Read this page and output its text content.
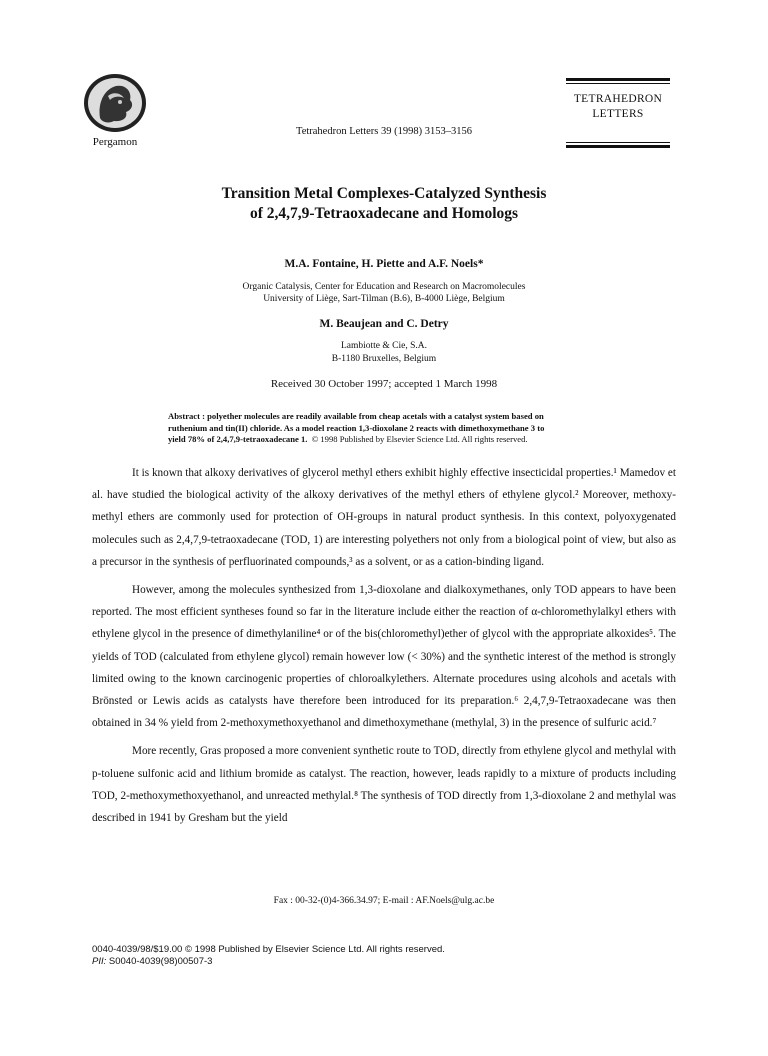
Pergamon
Tetrahedron Letters 39 (1998) 3153–3156
TETRAHEDRON
LETTERS
Transition Metal Complexes-Catalyzed Synthesis
of 2,4,7,9-Tetraoxadecane and Homologs
M.A. Fontaine, H. Piette and A.F. Noels*
Organic Catalysis, Center for Education and Research on Macromolecules
University of Liège, Sart-Tilman (B.6), B-4000 Liège, Belgium
M. Beaujean and C. Detry
Lambiotte & Cie, S.A.
B-1180 Bruxelles, Belgium
Received 30 October 1997; accepted 1 March 1998
Abstract : polyether molecules are readily available from cheap acetals with a catalyst system based on
ruthenium and tin(II) chloride. As a model reaction 1,3-dioxolane 2 reacts with dimethoxymethane 3 to
yield 78% of 2,4,7,9-tetraoxadecane 1. © 1998 Published by Elsevier Science Ltd. All rights reserved.

It is known that alkoxy derivatives of glycerol methyl ethers exhibit highly effective insecticidal properties.¹ Mamedov et al. have studied the biological activity of the alkoxy derivatives of the methyl ethers of ethylene glycol.² Moreover, methoxy-methyl ethers are commonly used for protection of OH-groups in natural product synthesis. In this context, polyoxygenated molecules such as 2,4,7,9-tetraoxadecane (TOD, 1) are interesting polyethers not only from a biological point of view, but also as a precursor in the synthesis of perfluorinated compounds,³ as a solvent, or as a cation-binding ligand.

However, among the molecules synthesized from 1,3-dioxolane and dialkoxymethanes, only TOD appears to have been reported. The most efficient syntheses found so far in the literature include either the reaction of α-chloromethylalkyl ethers with ethylene glycol in the presence of dimethylaniline⁴ or of the bis(chloromethyl)ether of glycol with the appropriate alkoxides⁵. The yields of TOD (calculated from ethylene glycol) remain however low (< 30%) and the synthetic interest of the method is strongly limited owing to the known carcinogenic properties of chloroalkylethers. Alternate procedures using alcohols and acetals with Brönsted or Lewis acids as catalysts have therefore been introduced for its preparation.⁶ 2,4,7,9-Tetraoxadecane was then obtained in 34 % yield from 2-methoxymethoxyethanol and dimethoxymethane (methylal, 3) in the presence of sulfuric acid.⁷

More recently, Gras proposed a more convenient synthetic route to TOD, directly from ethylene glycol and methylal with p-toluene sulfonic acid and lithium bromide as catalyst. The reaction, however, leads rapidly to a mixture of products including TOD, 2-methoxymethoxyethanol, and unreacted methylal.⁸ The synthesis of TOD directly from 1,3-dioxolane 2 and methylal was described in 1941 by Gresham but the yield

Fax : 00-32-(0)4-366.34.97; E-mail : AF.Noels@ulg.ac.be
0040-4039/98/$19.00 © 1998 Published by Elsevier Science Ltd. All rights reserved.
PII: S0040-4039(98)00507-3
